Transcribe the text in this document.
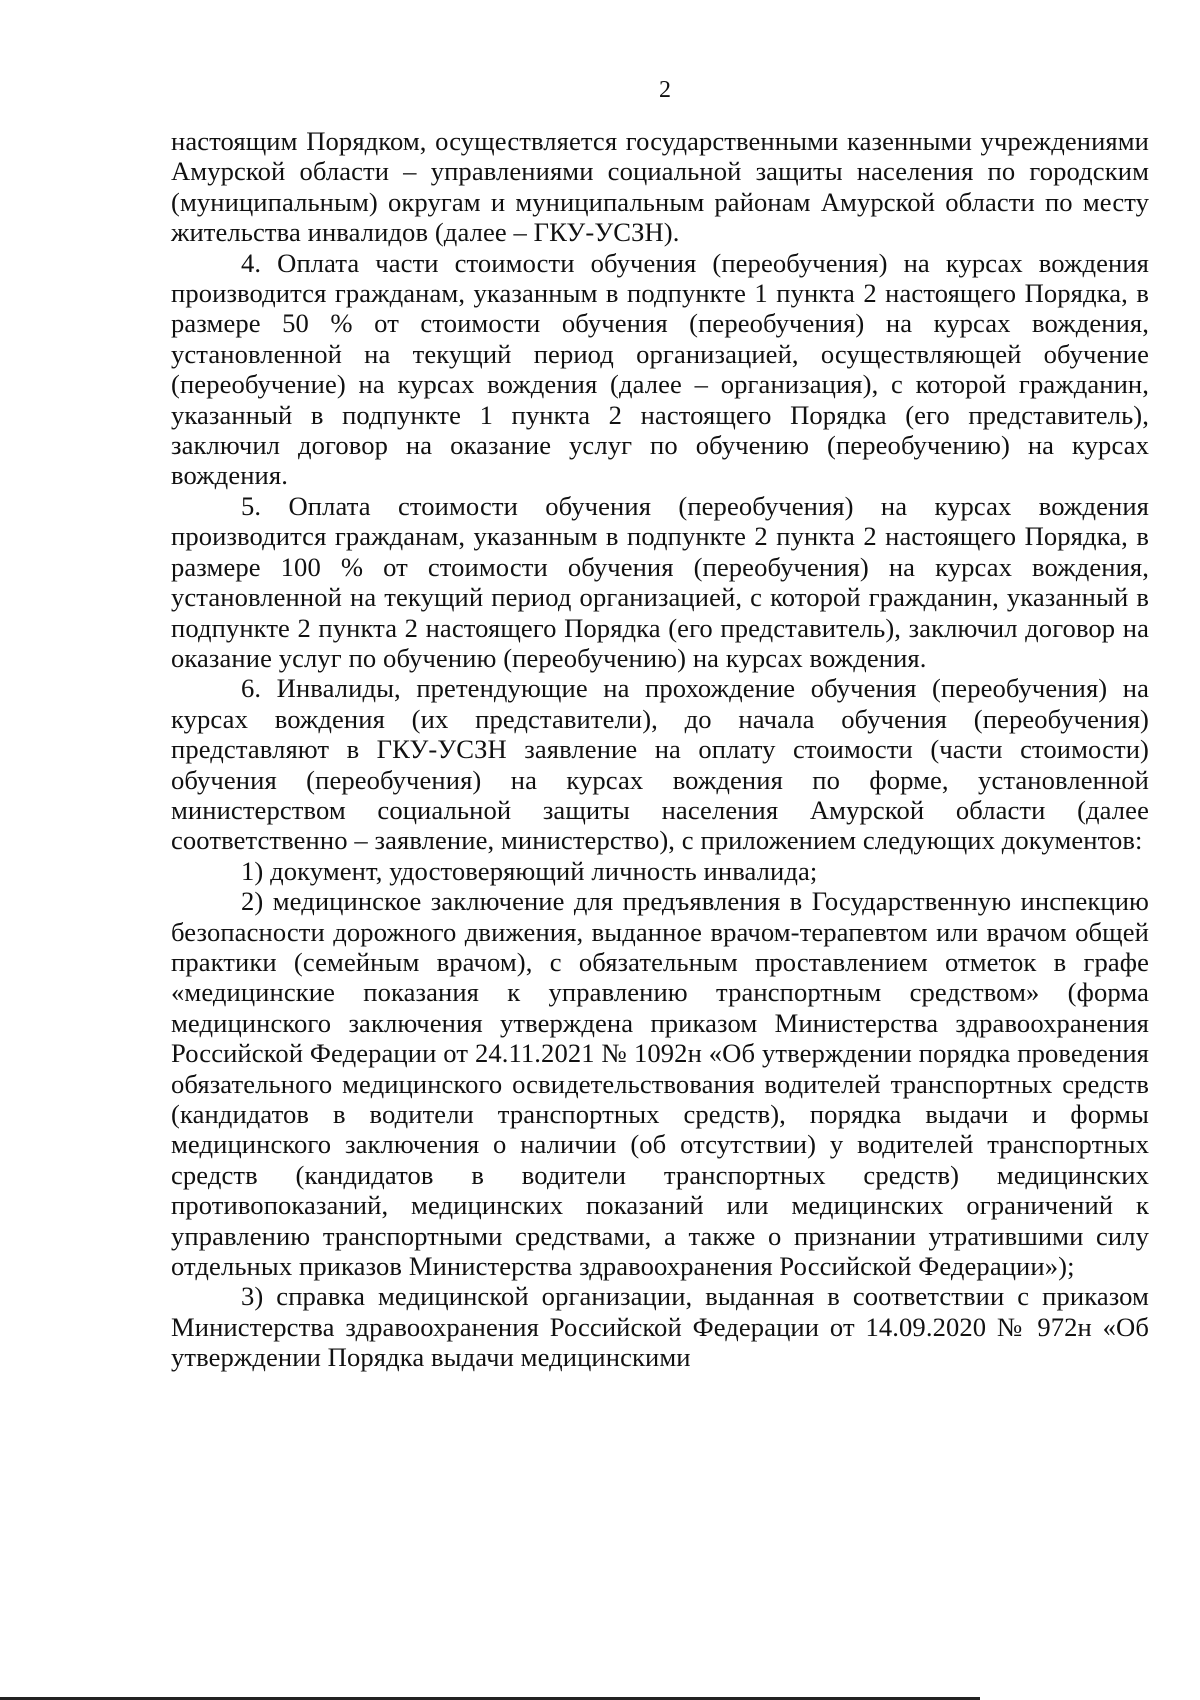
2

настоящим Порядком, осуществляется государственными казенными учреждениями Амурской области – управлениями социальной защиты населения по городским (муниципальным) округам и муниципальным районам Амурской области по месту жительства инвалидов (далее – ГКУ-УСЗН).

4. Оплата части стоимости обучения (переобучения) на курсах вождения производится гражданам, указанным в подпункте 1 пункта 2 настоящего Порядка, в размере 50 % от стоимости обучения (переобучения) на курсах вождения, установленной на текущий период организацией, осуществляющей обучение (переобучение) на курсах вождения (далее – организация), с которой гражданин, указанный в подпункте 1 пункта 2 настоящего Порядка (его представитель), заключил договор на оказание услуг по обучению (переобучению) на курсах вождения.

5. Оплата стоимости обучения (переобучения) на курсах вождения производится гражданам, указанным в подпункте 2 пункта 2 настоящего Порядка, в размере 100 % от стоимости обучения (переобучения) на курсах вождения, установленной на текущий период организацией, с которой гражданин, указанный в подпункте 2 пункта 2 настоящего Порядка (его представитель), заключил договор на оказание услуг по обучению (переобучению) на курсах вождения.

6. Инвалиды, претендующие на прохождение обучения (переобучения) на курсах вождения (их представители), до начала обучения (переобучения) представляют в ГКУ-УСЗН заявление на оплату стоимости (части стоимости) обучения (переобучения) на курсах вождения по форме, установленной министерством социальной защиты населения Амурской области (далее соответственно – заявление, министерство), с приложением следующих документов:

1) документ, удостоверяющий личность инвалида;

2) медицинское заключение для предъявления в Государственную инспекцию безопасности дорожного движения, выданное врачом-терапевтом или врачом общей практики (семейным врачом), с обязательным проставлением отметок в графе «медицинские показания к управлению транспортным средством» (форма медицинского заключения утверждена приказом Министерства здравоохранения Российской Федерации от 24.11.2021 № 1092н «Об утверждении порядка проведения обязательного медицинского освидетельствования водителей транспортных средств (кандидатов в водители транспортных средств), порядка выдачи и формы медицинского заключения о наличии (об отсутствии) у водителей транспортных средств (кандидатов в водители транспортных средств) медицинских противопоказаний, медицинских показаний или медицинских ограничений к управлению транспортными средствами, а также о признании утратившими силу отдельных приказов Министерства здравоохранения Российской Федерации»);

3) справка медицинской организации, выданная в соответствии с приказом Министерства здравоохранения Российской Федерации от 14.09.2020 № 972н «Об утверждении Порядка выдачи медицинскими
